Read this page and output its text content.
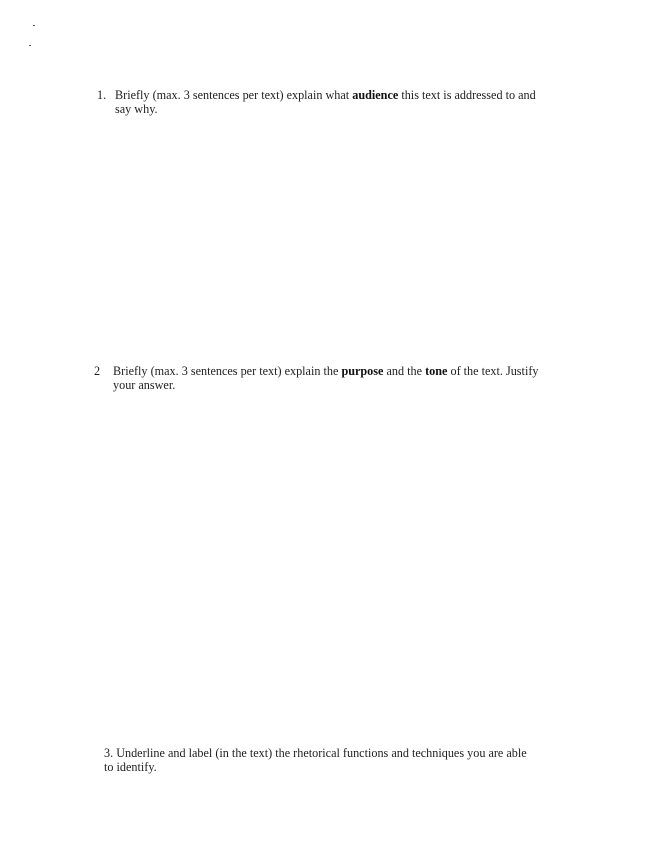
1. Briefly (max. 3 sentences per text) explain what audience this text is addressed to and
say why.
2	Briefly (max. 3 sentences per text) explain the purpose and the tone of the text. Justify
your answer.
3. Underline and label (in the text) the rhetorical functions and techniques you are able
to identify.
